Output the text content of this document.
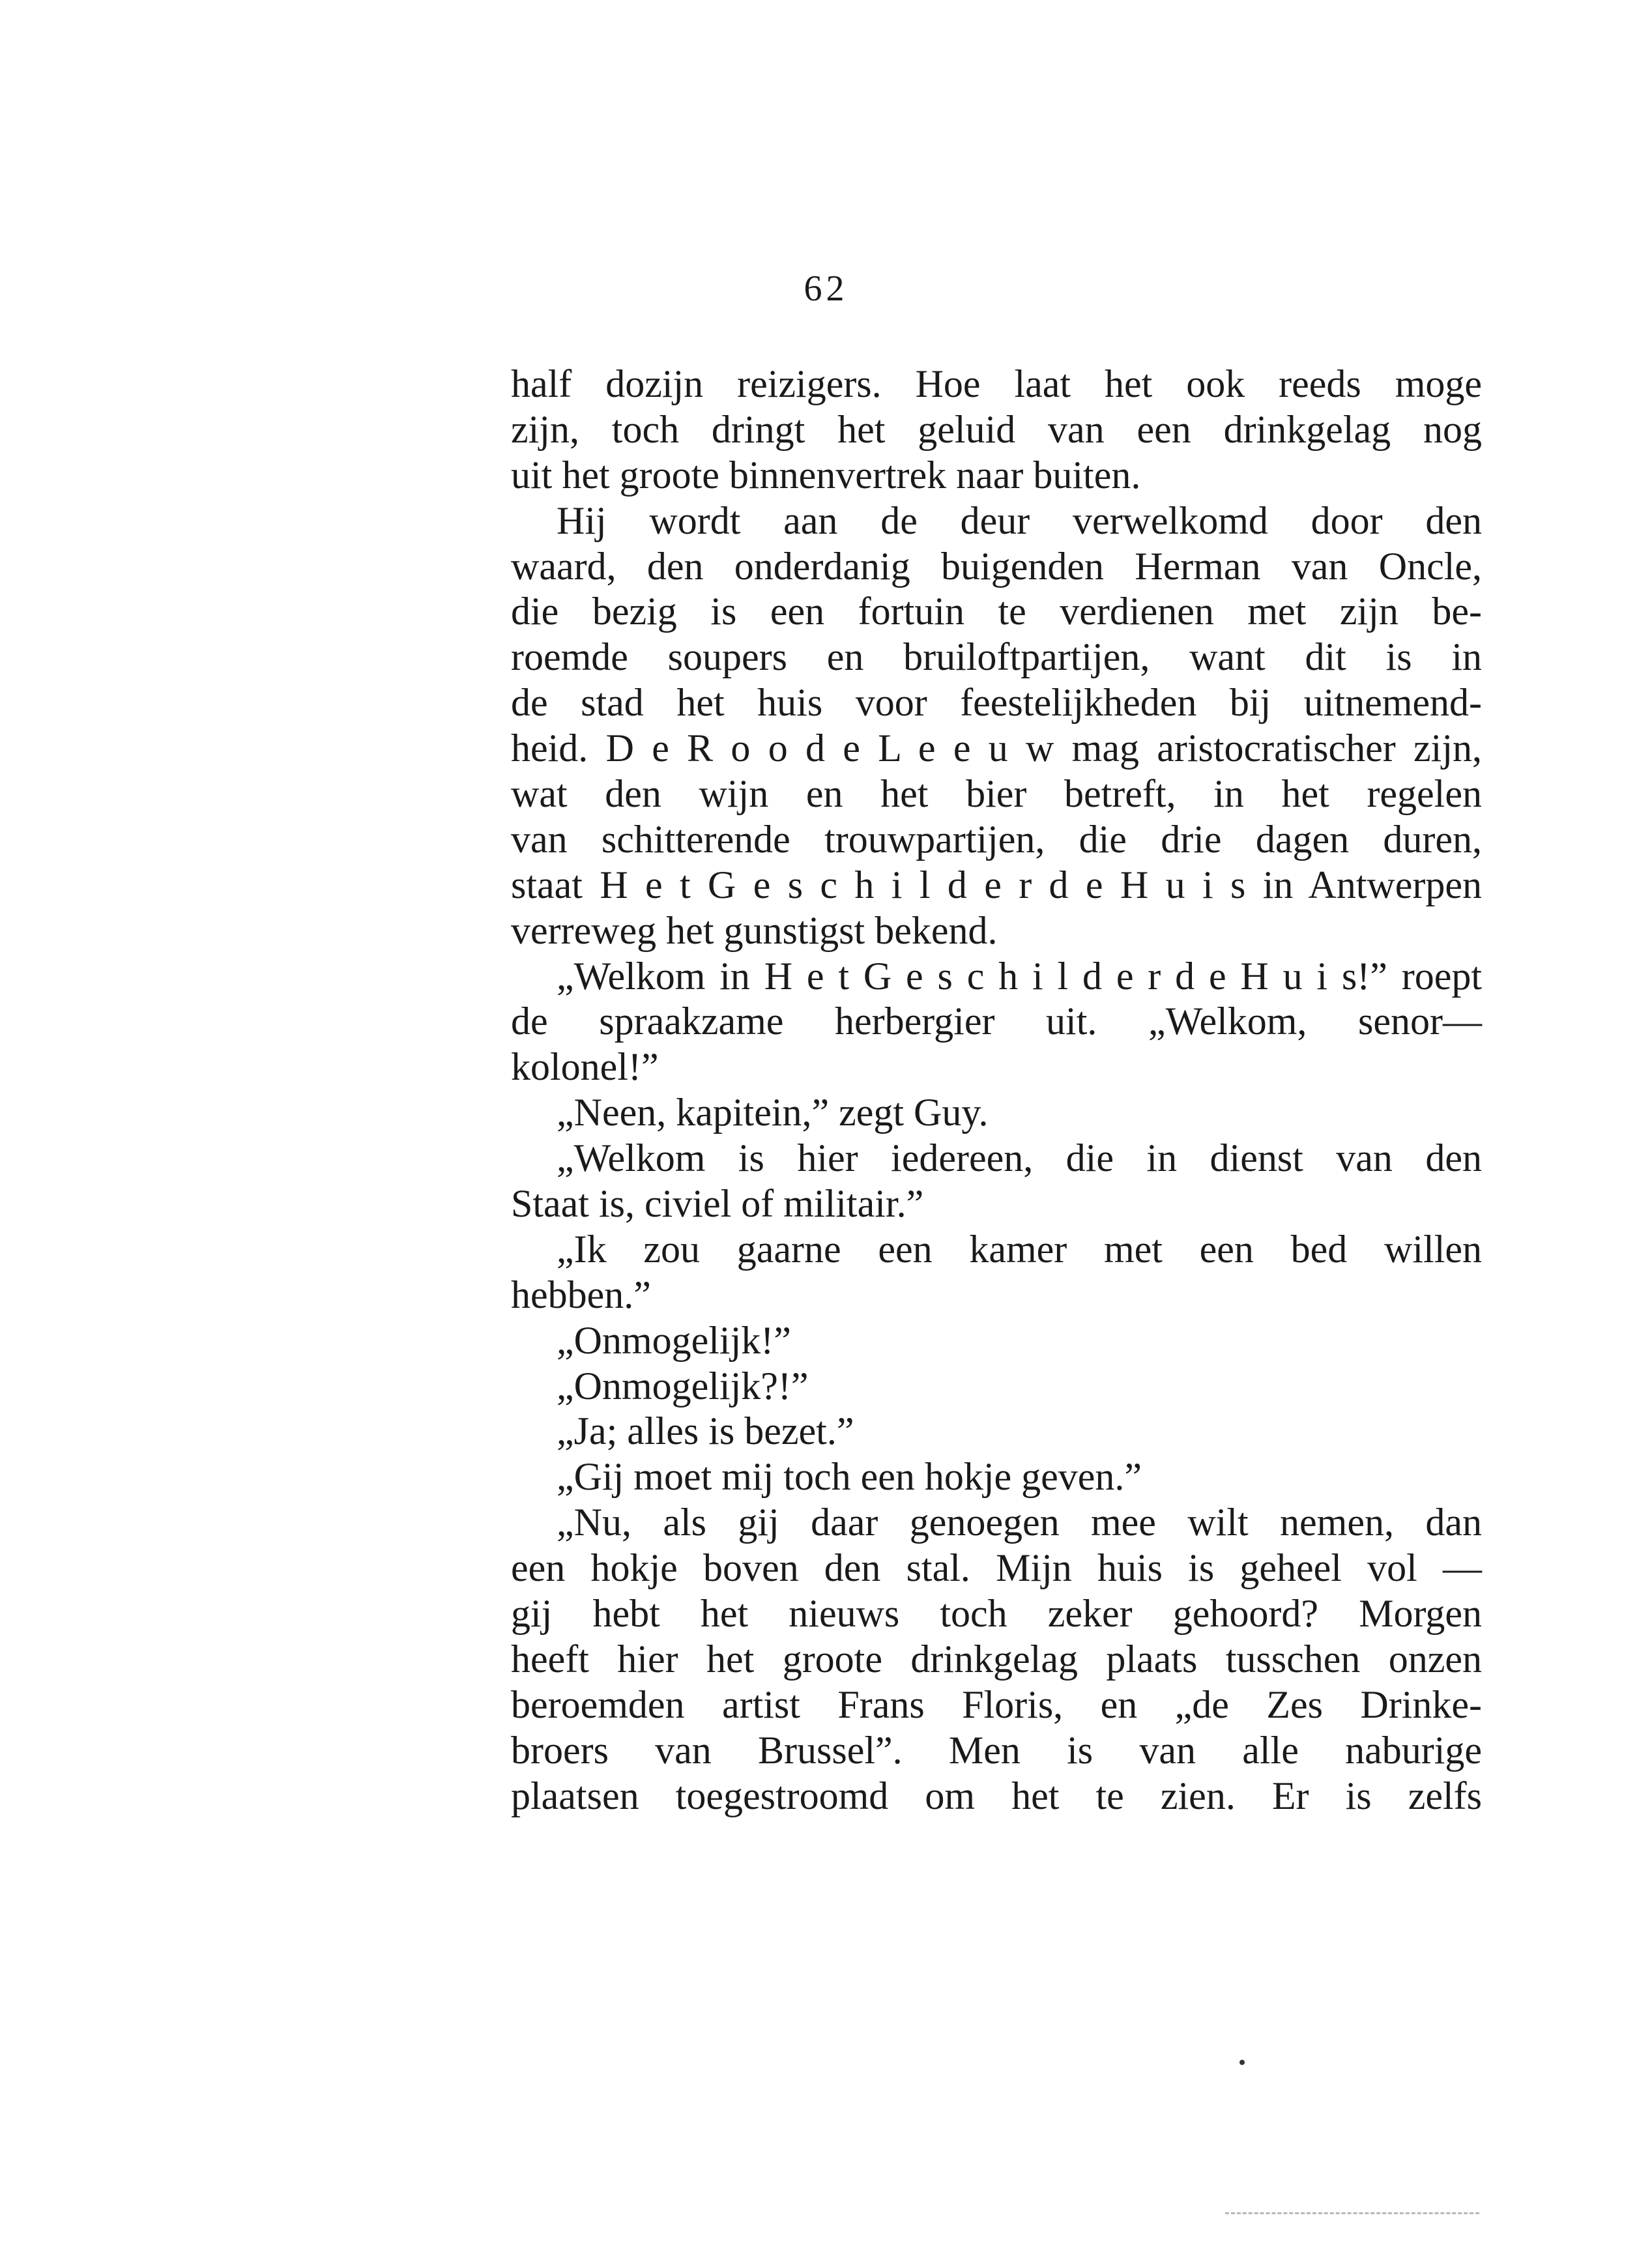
62
half dozijn reizigers. Hoe laat het ook reeds moge
zijn, toch dringt het geluid van een drinkgelag nog
uit het groote binnenvertrek naar buiten.
Hij wordt aan de deur verwelkomd door den
waard, den onderdanig buigenden Herman van Oncle,
die bezig is een fortuin te verdienen met zijn be-
roemde soupers en bruiloftpartijen, want dit is in
de stad het huis voor feestelijkheden bij uitnemend-
heid. D e R o o d e L e e u w mag aristocratischer zijn,
wat den wijn en het bier betreft, in het regelen
van schitterende trouwpartijen, die drie dagen duren,
staat H e t G e s c h i l d e r d e H u i s in Antwerpen
verreweg het gunstigst bekend.
„Welkom in H e t G e s c h i l d e r d e H u i s!” roept
de spraakzame herbergier uit. „Welkom, senor—
kolonel!”
„Neen, kapitein,” zegt Guy.
„Welkom is hier iedereen, die in dienst van den
Staat is, civiel of militair.”
„Ik zou gaarne een kamer met een bed willen
hebben.”
„Onmogelijk!”
„Onmogelijk?!”
„Ja; alles is bezet.”
„Gij moet mij toch een hokje geven.”
„Nu, als gij daar genoegen mee wilt nemen, dan
een hokje boven den stal. Mijn huis is geheel vol —
gij hebt het nieuws toch zeker gehoord? Morgen
heeft hier het groote drinkgelag plaats tusschen onzen
beroemden artist Frans Floris, en „de Zes Drinke-
broers van Brussel”. Men is van alle naburige
plaatsen toegestroomd om het te zien. Er is zelfs
